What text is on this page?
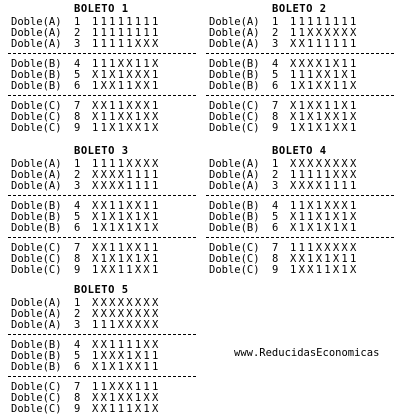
BOLETO 1
Doble(A) 1 11111111
Doble(A) 2 11111111
Doble(A) 3 11111XXX
Doble(B) 4 111XX11X
Doble(B) 5 X1X1XXX1
Doble(B) 6 1XX11XX1
Doble(C) 7 XX11XXX1
Doble(C) 8 X11XX1XX
Doble(C) 9 11X1XX1X
BOLETO 2
Doble(A) 1 11111111
Doble(A) 2 11XXXXXX
Doble(A) 3 XX111111
Doble(B) 4 XXXX1X11
Doble(B) 5 111XX1X1
Doble(B) 6 1X1XX11X
Doble(C) 7 X1XX11X1
Doble(C) 8 X1X1XX1X
Doble(C) 9 1X1X1XX1
BOLETO 3
Doble(A) 1 1111XXXX
Doble(A) 2 XXXX1111
Doble(A) 3 XXXX1111
Doble(B) 4 XX11XX11
Doble(B) 5 X1X1X1X1
Doble(B) 6 1X1X1X1X
Doble(C) 7 XX11XX11
Doble(C) 8 X1X1X1X1
Doble(C) 9 1XX11XX1
BOLETO 4
Doble(A) 1 XXXXXXXX
Doble(A) 2 11111XXX
Doble(A) 3 XXXX1111
Doble(B) 4 11X1XXX1
Doble(B) 5 X11X1X1X
Doble(B) 6 X1X1X1X1
Doble(C) 7 111XXXXX
Doble(C) 8 XX1X1X11
Doble(C) 9 1XX11X1X
BOLETO 5
Doble(A) 1 XXXXXXXX
Doble(A) 2 XXXXXXXX
Doble(A) 3 111XXXXX
Doble(B) 4 XX1111XX
Doble(B) 5 1XXX1X11
Doble(B) 6 X1X1XX11
Doble(C) 7 11XXX111
Doble(C) 8 XX1XX1XX
Doble(C) 9 XX111X1X
www.ReducidasEconomicas
